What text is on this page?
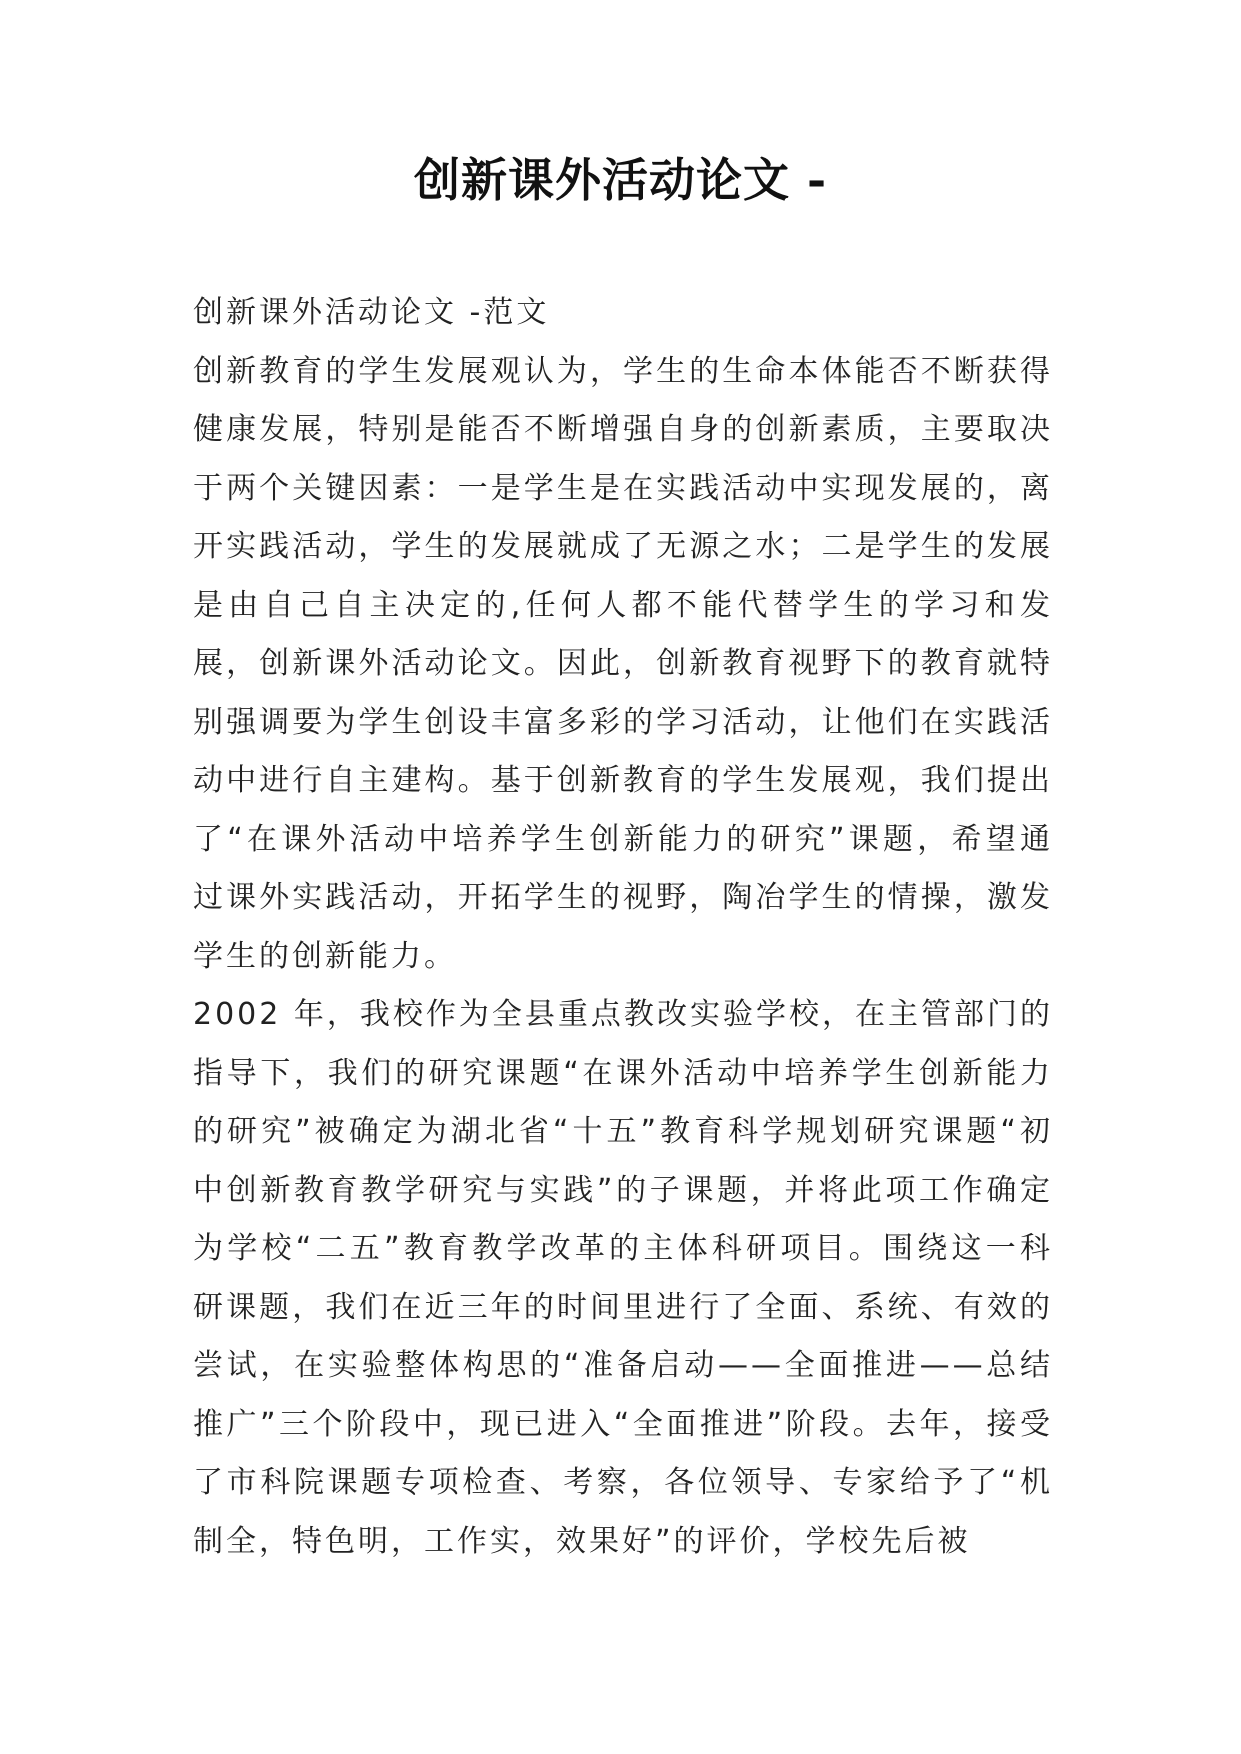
创新课外活动论文 -

创新课外活动论文 -范文

创新教育的学生发展观认为，学生的生命本体能否不断获得健康发展，特别是能否不断增强自身的创新素质，主要取决于两个关键因素：一是学生是在实践活动中实现发展的，离开实践活动，学生的发展就成了无源之水；二是学生的发展是由自己自主决定的,任何人都不能代替学生的学习和发展，创新课外活动论文。因此，创新教育视野下的教育就特别强调要为学生创设丰富多彩的学习活动，让他们在实践活动中进行自主建构。基于创新教育的学生发展观，我们提出了“在课外活动中培养学生创新能力的研究”课题，希望通过课外实践活动，开拓学生的视野，陶冶学生的情操，激发学生的创新能力。

2002 年，我校作为全县重点教改实验学校，在主管部门的指导下，我们的研究课题“在课外活动中培养学生创新能力的研究”被确定为湖北省“十五”教育科学规划研究课题“初中创新教育教学研究与实践”的子课题，并将此项工作确定为学校“二五”教育教学改革的主体科研项目。围绕这一科研课题，我们在近三年的时间里进行了全面、系统、有效的尝试，在实验整体构思的“准备启动——全面推进——总结推广”三个阶段中，现已进入“全面推进”阶段。去年，接受了市科院课题专项检查、考察，各位领导、专家给予了“机制全，特色明，工作实，效果好”的评价，学校先后被
